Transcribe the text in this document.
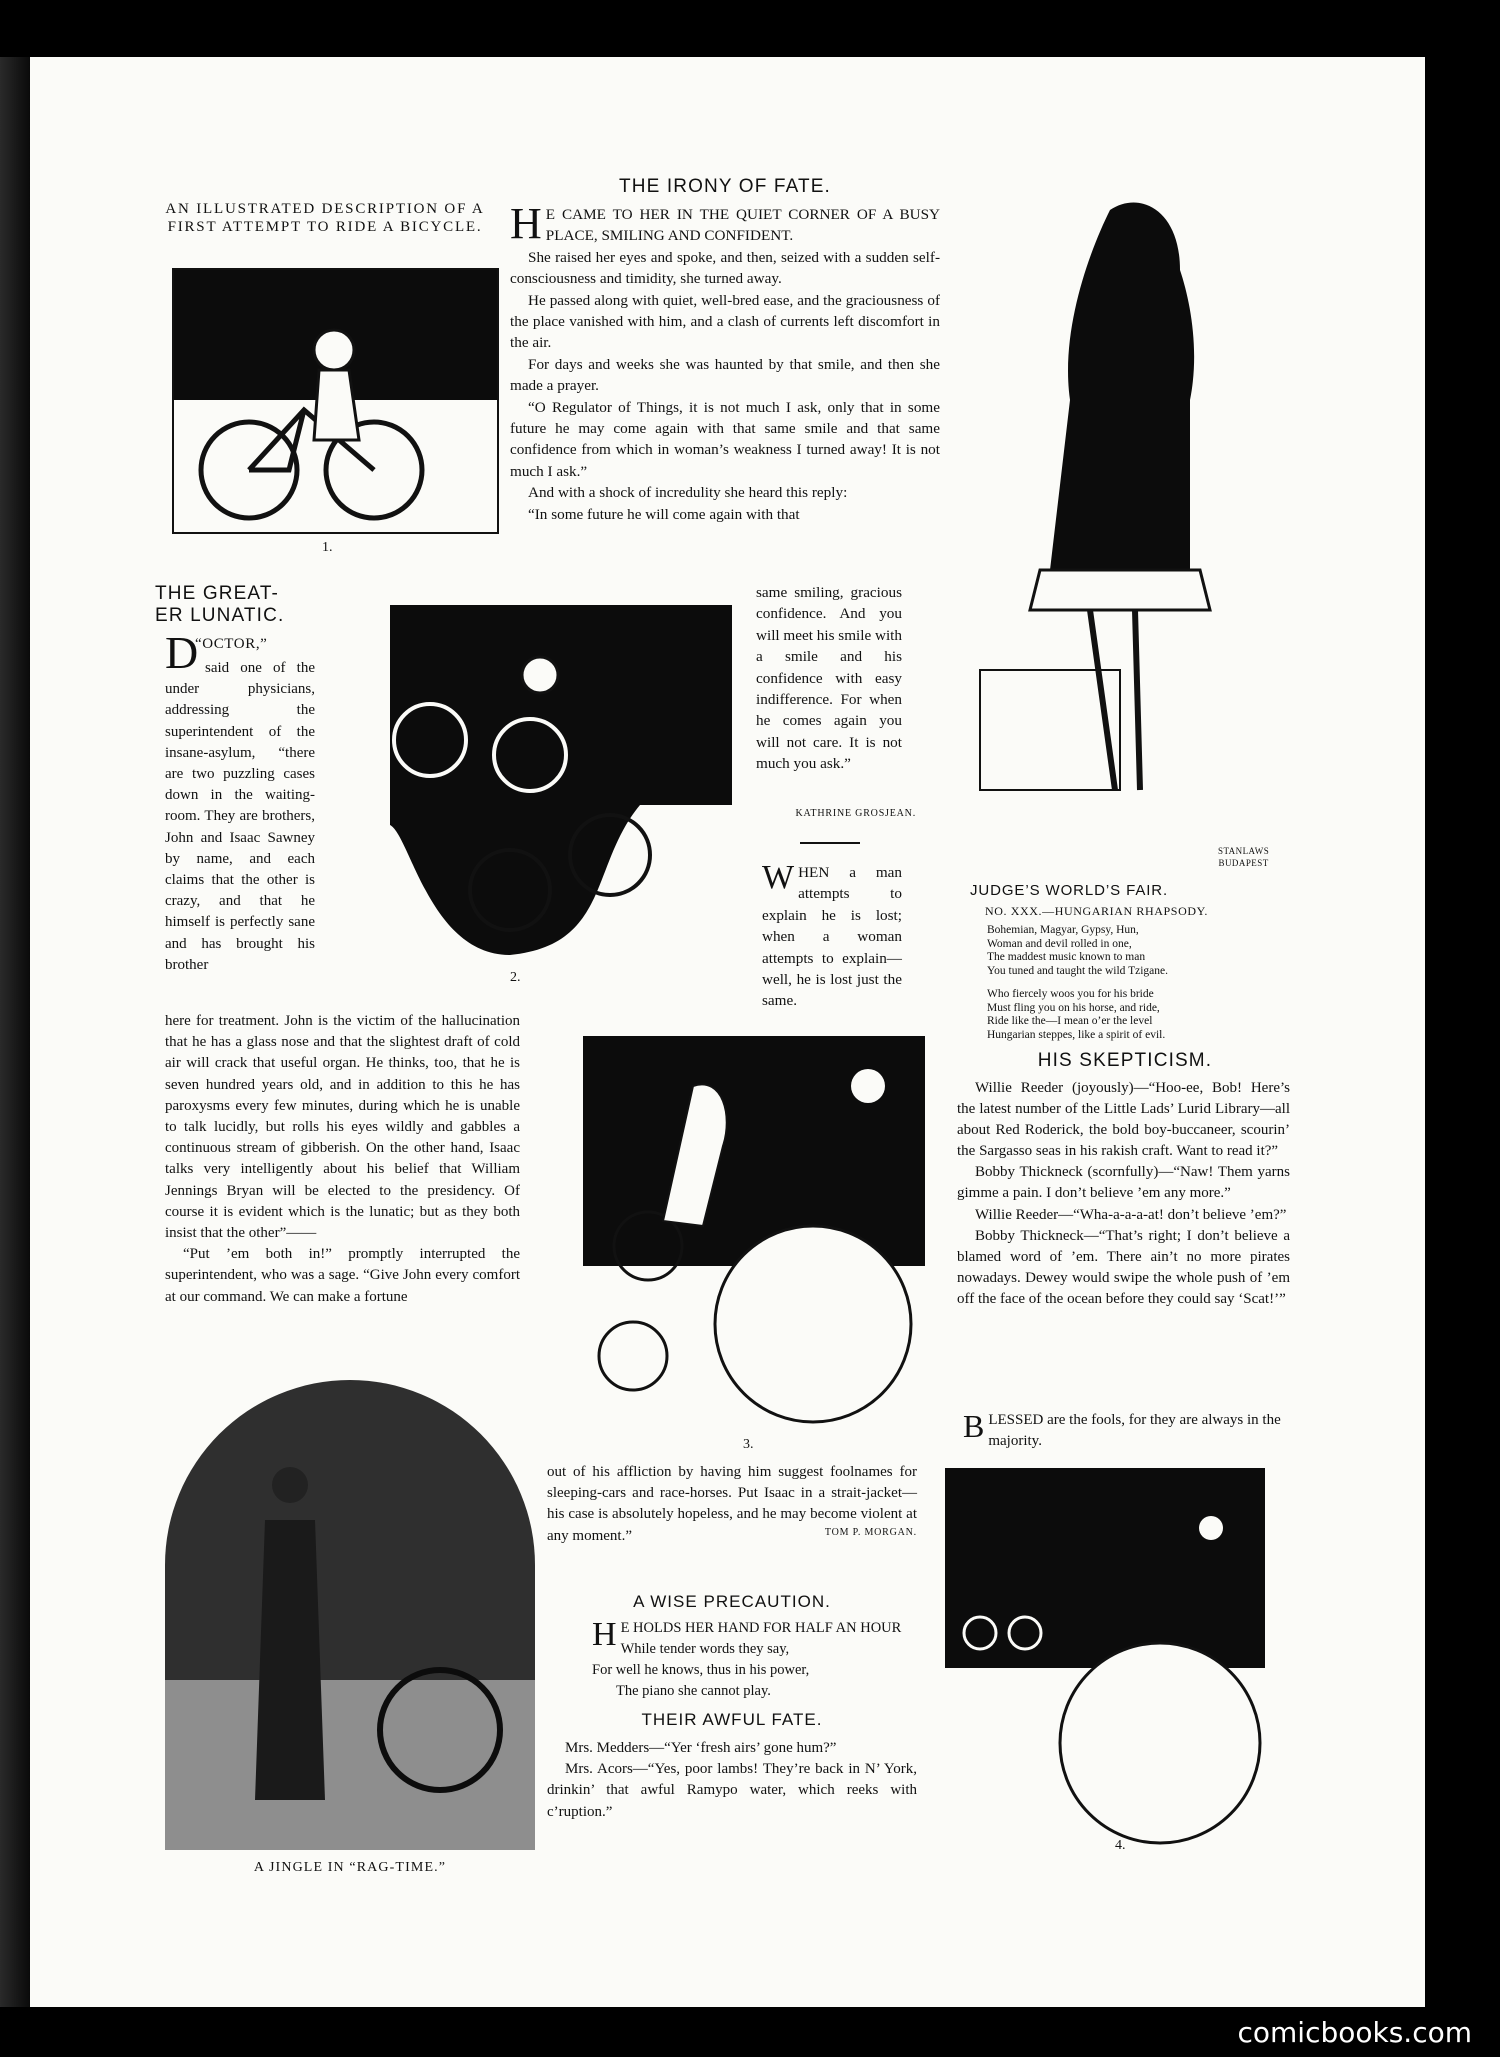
AN ILLUSTRATED DESCRIPTION OF A FIRST ATTEMPT TO RIDE A BICYCLE.
1.
THE IRONY OF FATE.

H E CAME TO HER IN THE QUIET CORNER OF A BUSY PLACE, SMILING AND CONFIDENT.

She raised her eyes and spoke, and then, seized with a sudden self-consciousness and timidity, she turned away.

He passed along with quiet, well-bred ease, and the graciousness of the place vanished with him, and a clash of currents left discomfort in the air.

For days and weeks she was haunted by that smile, and then she made a prayer.

“O Regulator of Things, it is not much I ask, only that in some future he may come again with that same smile and that same confidence from which in woman’s weakness I turned away! It is not much I ask.”

And with a shock of incredulity she heard this reply:

“In some future he will come again with that

same smiling, gracious confidence. And you will meet his smile with a smile and his confidence with easy indifference. For when he comes again you will not care. It is not much you ask.”
KATHRINE GROSJEAN.
WHEN a man attempts to explain he is lost; when a woman attempts to explain—well, he is lost just the same.
2.
THE GREAT-
ER LUNATIC.
D
“OCTOR,”
said one of the under physicians, addressing the superintendent of the insane-asylum, “there are two puzzling cases down in the waiting-room. They are brothers, John and Isaac Sawney by name, and each claims that the other is crazy, and that he himself is perfectly sane and has brought his brother

here for treatment. John is the victim of the hallucination that he has a glass nose and that the slightest draft of cold air will crack that useful organ. He thinks, too, that he is seven hundred years old, and in addition to this he has paroxysms every few minutes, during which he is unable to talk lucidly, but rolls his eyes wildly and gabbles a continuous stream of gibberish. On the other hand, Isaac talks very intelligently about his belief that William Jennings Bryan will be elected to the presidency. Of course it is evident which is the lunatic; but as they both insist that the other”——

“Put ’em both in!” promptly interrupted the superintendent, who was a sage. “Give John every comfort at our command. We can make a fortune

3.
STANLAWS
BUDAPEST
JUDGE’S WORLD’S FAIR.
NO. XXX.—HUNGARIAN RHAPSODY.
Bohemian, Magyar, Gypsy, Hun,
Woman and devil rolled in one,
The maddest music known to man
You tuned and taught the wild Tzigane.
Who fiercely woos you for his bride
Must fling you on his horse, and ride,
Ride like the—I mean o’er the level
Hungarian steppes, like a spirit of evil.
HIS SKEPTICISM.

Willie Reeder (joyously)—“Hoo-ee, Bob! Here’s the latest number of the Little Lads’ Lurid Library—all about Red Roderick, the bold boy-buccaneer, scourin’ the Sargasso seas in his rakish craft. Want to read it?”

Bobby Thickneck (scornfully)—“Naw! Them yarns gimme a pain. I don’t believe ’em any more.”

Willie Reeder—“Wha-a-a-a-at! don’t believe ’em?”

Bobby Thickneck—“That’s right; I don’t believe a blamed word of ’em. There ain’t no more pirates nowadays. Dewey would swipe the whole push of ’em off the face of the ocean before they could say ‘Scat!’”

BLESSED are the fools, for they are always in the majority.
4.
A JINGLE IN “RAG-TIME.”
out of his affliction by having him suggest foolnames for sleeping-cars and race-horses. Put Isaac in a strait-jacket—his case is absolutely hopeless, and he may become violent at any moment.”	TOM P. MORGAN.
A WISE PRECAUTION.
H E HOLDS HER HAND FOR HALF AN HOUR
While tender words they say,
For well he knows, thus in his power,
The piano she cannot play.
THEIR AWFUL FATE.

Mrs. Medders—“Yer ‘fresh airs’ gone hum?”

Mrs. Acors—“Yes, poor lambs! They’re back in N’ York, drinkin’ that awful Ramypo water, which reeks with c’ruption.”

comicbooks.com
